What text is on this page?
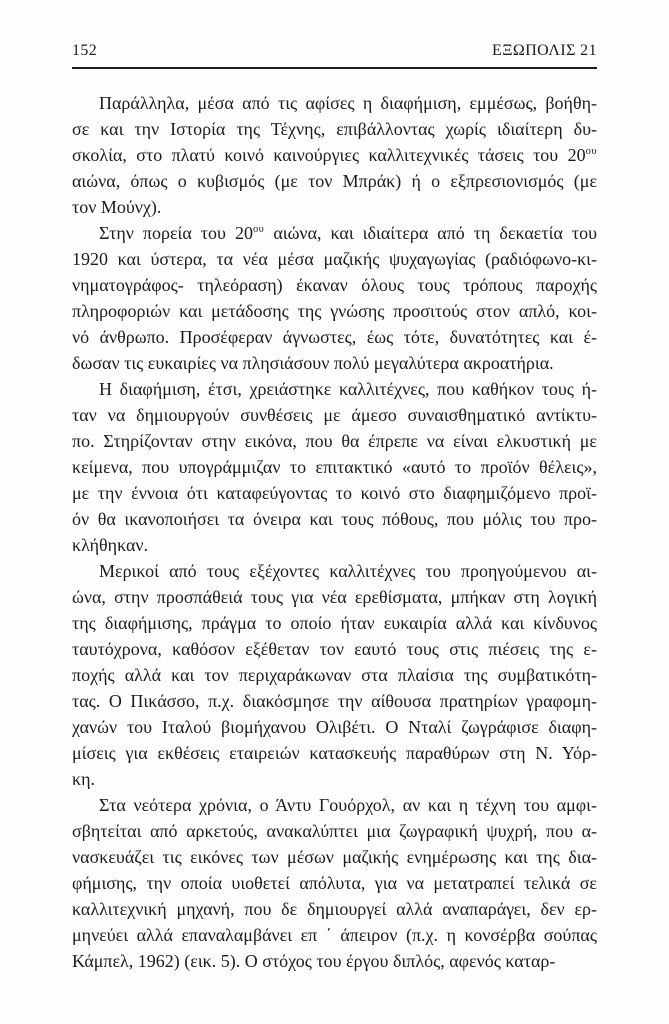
152	ΕΞΩΠΟΛΙΣ 21
Παράλληλα, μέσα από τις αφίσες η διαφήμιση, εμμέσως, βοήθη-
σε και την Ιστορία της Τέχνης, επιβάλλοντας χωρίς ιδιαίτερη δυ-
σκολία, στο πλατύ κοινό καινούργιες καλλιτεχνικές τάσεις του $20^{o\upsilon}$
αιώνα, όπως ο κυβισμός (με τον Μπράκ) ή ο εξπρεσιονισμός (με
τον Μούνχ).
Στην πορεία του $20^{o\upsilon}$ αιώνα, και ιδιαίτερα από τη δεκαετία του
1920 και ύστερα, τα νέα μέσα μαζικής ψυχαγωγίας (ραδιόφωνο-κι-
νηματογράφος- τηλεόραση) έκαναν όλους τους τρόπους παροχής
πληροφοριών και μετάδοσης της γνώσης προσιτούς στον απλό, κοι-
νό άνθρωπο. Προσέφεραν άγνωστες, έως τότε, δυνατότητες και έ-
δωσαν τις ευκαιρίες να πλησιάσουν πολύ μεγαλύτερα ακροατήρια.
Η διαφήμιση, έτσι, χρειάστηκε καλλιτέχνες, που καθήκον τους ή-
ταν να δημιουργούν συνθέσεις με άμεσο συναισθηματικό αντίκτυ-
πο. Στηρίζονταν στην εικόνα, που θα έπρεπε να είναι ελκυστική με
κείμενα, που υπογράμμιζαν το επιτακτικό «αυτό το προϊόν θέλεις»,
με την έννοια ότι καταφεύγοντας το κοινό στο διαφημιζόμενο προϊ-
όν θα ικανοποιήσει τα όνειρα και τους πόθους, που μόλις του προ-
κλήθηκαν.
Μερικοί από τους εξέχοντες καλλιτέχνες του προηγούμενου αι-
ώνα, στην προσπάθειά τους για νέα ερεθίσματα, μπήκαν στη λογική
της διαφήμισης, πράγμα το οποίο ήταν ευκαιρία αλλά και κίνδυνος
ταυτόχρονα, καθόσον εξέθεταν τον εαυτό τους στις πιέσεις της ε-
ποχής αλλά και τον περιχαράκωναν στα πλαίσια της συμβατικότη-
τας. Ο Πικάσσο, π.χ. διακόσμησε την αίθουσα πρατηρίων γραφομη-
χανών του Ιταλού βιομήχανου Ολιβέτι. Ο Νταλί ζωγράφισε διαφη-
μίσεις για εκθέσεις εταιρειών κατασκευής παραθύρων στη Ν. Υόρ-
κη.
Στα νεότερα χρόνια, ο Άντυ Γουόρχολ, αν και η τέχνη του αμφι-
σβητείται από αρκετούς, ανακαλύπτει μια ζωγραφική ψυχρή, που α-
νασκευάζει τις εικόνες των μέσων μαζικής ενημέρωσης και της δια-
φήμισης, την οποία υιοθετεί απόλυτα, για να μετατραπεί τελικά σε
καλλιτεχνική μηχανή, που δε δημιουργεί αλλά αναπαράγει, δεν ερ-
μηνεύει αλλά επαναλαμβάνει επ ΄ άπειρον (π.χ. η κονσέρβα σούπας
Κάμπελ, 1962) (εικ. 5). Ο στόχος του έργου διπλός, αφενός καταρ-
